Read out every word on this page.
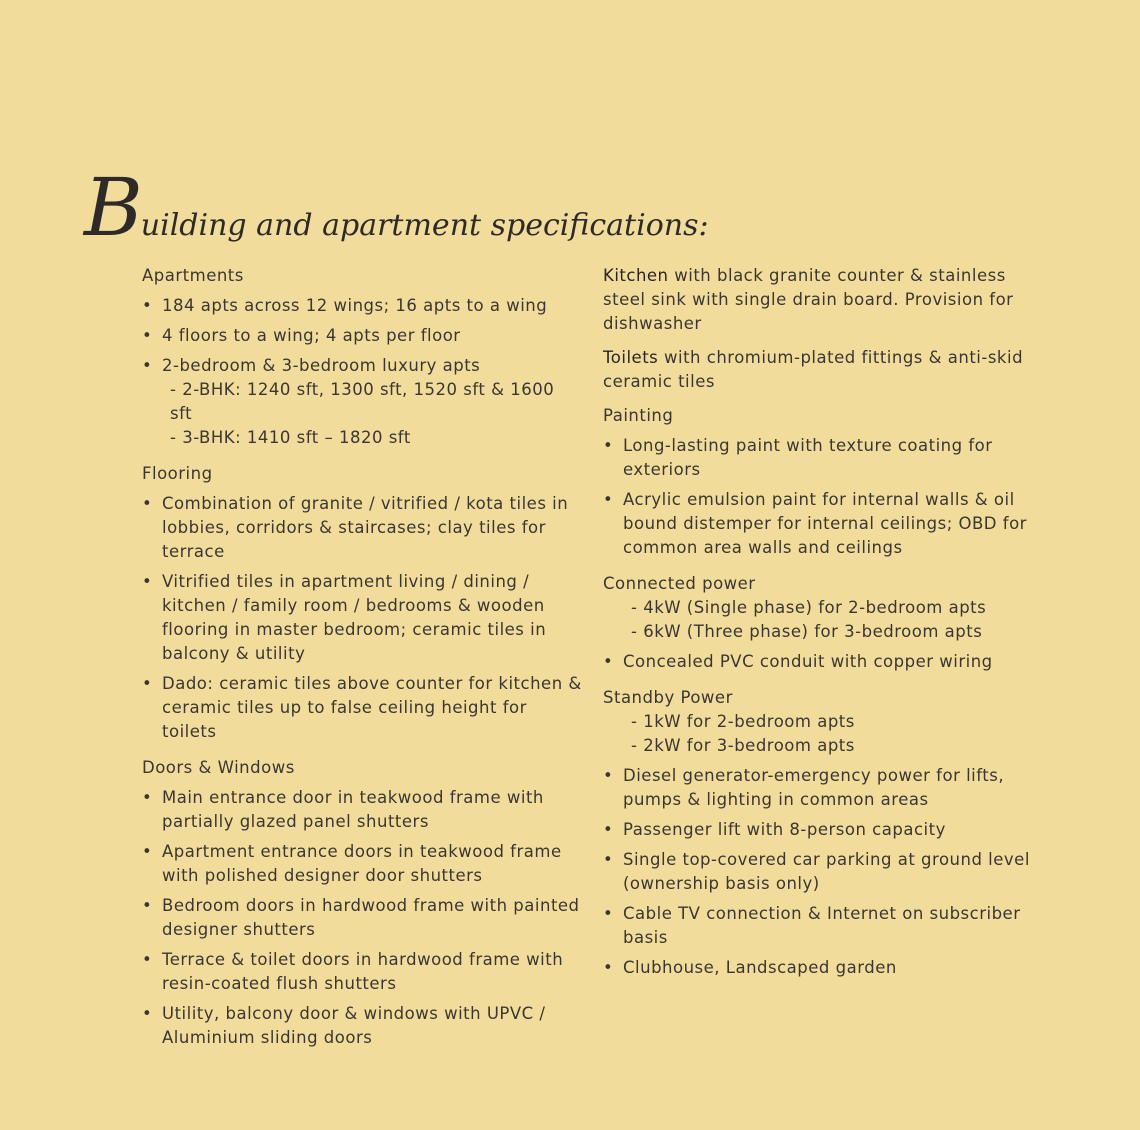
Building and apartment specifications:
Apartments
• 184 apts across 12 wings; 16 apts to a wing
• 4 floors to a wing; 4 apts per floor
• 2-bedroom & 3-bedroom luxury apts
- 2-BHK: 1240 sft, 1300 sft, 1520 sft & 1600 sft
- 3-BHK: 1410 sft – 1820 sft
Flooring
• Combination of granite / vitrified / kota tiles in lobbies, corridors & staircases; clay tiles for terrace
• Vitrified tiles in apartment living / dining / kitchen / family room / bedrooms & wooden flooring in master bedroom; ceramic tiles in balcony & utility
• Dado: ceramic tiles above counter for kitchen & ceramic tiles up to false ceiling height for toilets
Doors & Windows
• Main entrance door in teakwood frame with partially glazed panel shutters
• Apartment entrance doors in teakwood frame with polished designer door shutters
• Bedroom doors in hardwood frame with painted designer shutters
• Terrace & toilet doors in hardwood frame with resin-coated flush shutters
• Utility, balcony door & windows with UPVC / Aluminium sliding doors
Kitchen with black granite counter & stainless steel sink with single drain board. Provision for dishwasher
Toilets with chromium-plated fittings & anti-skid ceramic tiles
Painting
• Long-lasting paint with texture coating for exteriors
• Acrylic emulsion paint for internal walls & oil bound distemper for internal ceilings; OBD for common area walls and ceilings
Connected power
- 4kW (Single phase) for 2-bedroom apts
- 6kW (Three phase) for 3-bedroom apts
• Concealed PVC conduit with copper wiring
Standby Power
- 1kW for 2-bedroom apts
- 2kW for 3-bedroom apts
• Diesel generator-emergency power for lifts, pumps & lighting in common areas
• Passenger lift with 8-person capacity
• Single top-covered car parking at ground level (ownership basis only)
• Cable TV connection & Internet on subscriber basis
• Clubhouse, Landscaped garden
